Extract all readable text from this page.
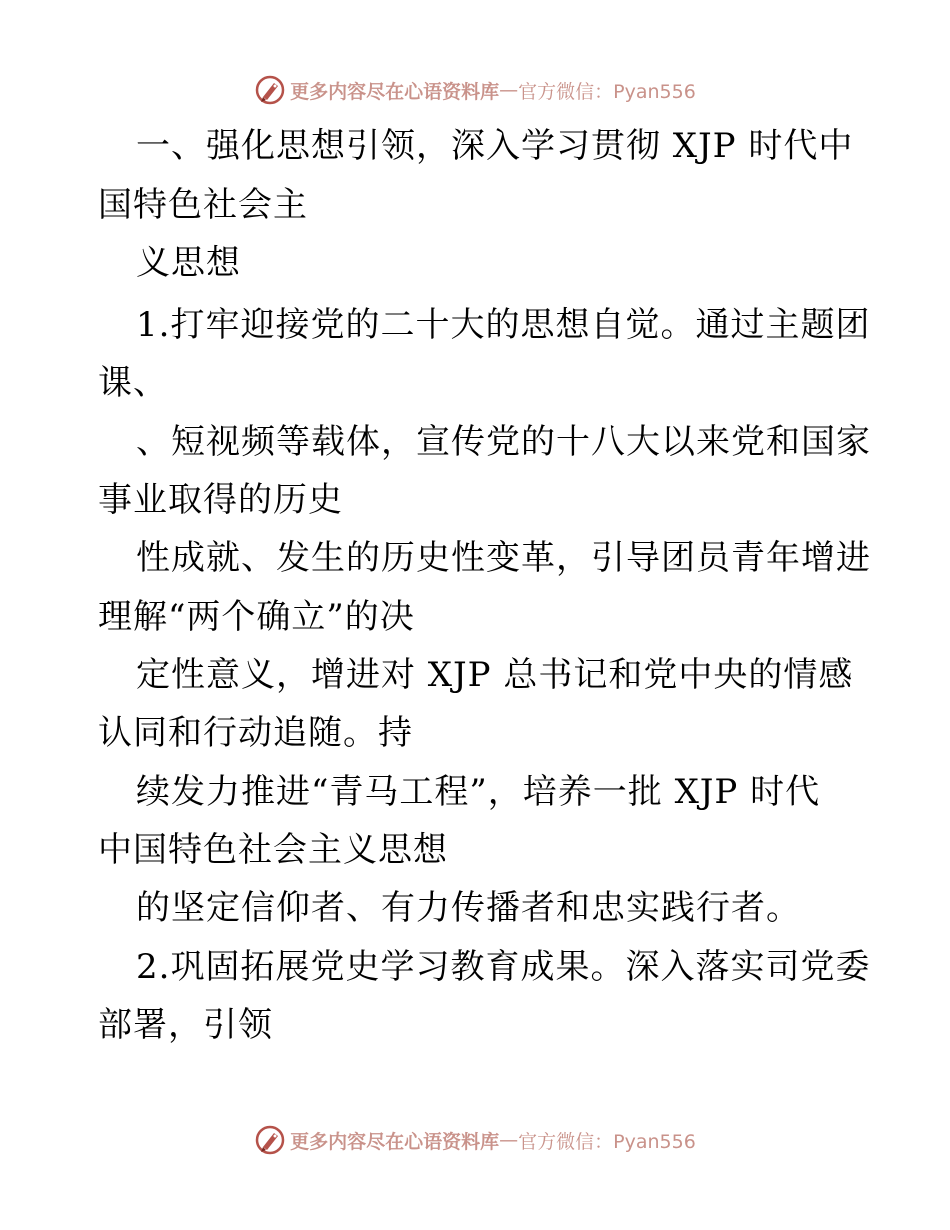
更多内容尽在心语资料库 — 官方微信：Pyan556
一、强化思想引领，深入学习贯彻 XJP 时代中
国特色社会主
义思想
1.打牢迎接党的二十大的思想自觉。通过主题团
课、
、短视频等载体，宣传党的十八大以来党和国家
事业取得的历史
性成就、发生的历史性变革，引导团员青年增进
理解“两个确立”的决
定性意义，增进对 XJP 总书记和党中央的情感
认同和行动追随。持
续发力推进“青马工程”，培养一批 XJP 时代
中国特色社会主义思想
的坚定信仰者、有力传播者和忠实践行者。
2.巩固拓展党史学习教育成果。深入落实司党委
部署，引领
更多内容尽在心语资料库 — 官方微信：Pyan556
